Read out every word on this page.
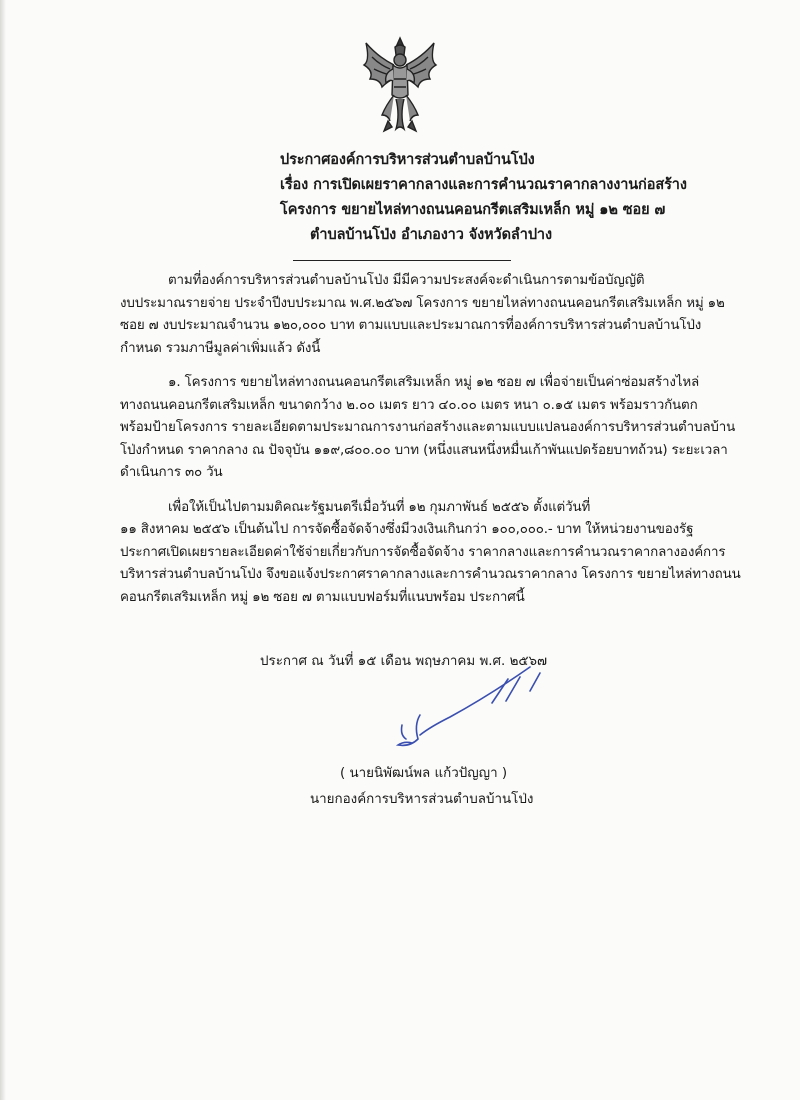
ประกาศองค์การบริหารส่วนตำบลบ้านโป่ง
เรื่อง การเปิดเผยราคากลางและการคำนวณราคากลางงานก่อสร้าง
โครงการ ขยายไหล่ทางถนนคอนกรีตเสริมเหล็ก หมู่ ๑๒ ซอย ๗
ตำบลบ้านโป่ง อำเภองาว จังหวัดลำปาง

ตามที่องค์การบริหารส่วนตำบลบ้านโป่ง มีมีความประสงค์จะดำเนินการตามข้อบัญญัติ

งบประมาณรายจ่าย ประจำปีงบประมาณ พ.ศ.๒๕๖๗ โครงการ ขยายไหล่ทางถนนคอนกรีตเสริมเหล็ก หมู่ ๑๒

ซอย ๗ งบประมาณจำนวน ๑๒๐,๐๐๐ บาท ตามแบบและประมาณการที่องค์การบริหารส่วนตำบลบ้านโป่ง

กำหนด รวมภาษีมูลค่าเพิ่มแล้ว ดังนี้

๑. โครงการ ขยายไหล่ทางถนนคอนกรีตเสริมเหล็ก หมู่ ๑๒ ซอย ๗ เพื่อจ่ายเป็นค่าซ่อมสร้างไหล่

ทางถนนคอนกรีตเสริมเหล็ก ขนาดกว้าง ๒.๐๐ เมตร ยาว ๔๐.๐๐ เมตร หนา ๐.๑๕ เมตร พร้อมราวกันตก

พร้อมป้ายโครงการ รายละเอียดตามประมาณการงานก่อสร้างและตามแบบแปลนองค์การบริหารส่วนตำบลบ้าน

โป่งกำหนด ราคากลาง ณ ปัจจุบัน ๑๑๙,๘๐๐.๐๐ บาท (หนึ่งแสนหนึ่งหมื่นเก้าพันแปดร้อยบาทถ้วน) ระยะเวลา

ดำเนินการ ๓๐ วัน

เพื่อให้เป็นไปตามมติคณะรัฐมนตรีเมื่อวันที่ ๑๒ กุมภาพันธ์ ๒๕๕๖ ตั้งแต่วันที่

๑๑ สิงหาคม ๒๕๕๖ เป็นต้นไป การจัดซื้อจัดจ้างซึ่งมีวงเงินเกินกว่า ๑๐๐,๐๐๐.- บาท ให้หน่วยงานของรัฐ

ประกาศเปิดเผยรายละเอียดค่าใช้จ่ายเกี่ยวกับการจัดซื้อจัดจ้าง ราคากลางและการคำนวณราคากลางองค์การ

บริหารส่วนตำบลบ้านโป่ง จึงขอแจ้งประกาศราคากลางและการคำนวณราคากลาง โครงการ ขยายไหล่ทางถนน

คอนกรีตเสริมเหล็ก หมู่ ๑๒ ซอย ๗ ตามแบบฟอร์มที่แนบพร้อม ประกาศนี้

ประกาศ ณ วันที่ ๑๕ เดือน พฤษภาคม พ.ศ. ๒๕๖๗
( นายนิพัฒน์พล แก้วปัญญา )
นายกองค์การบริหารส่วนตำบลบ้านโป่ง
